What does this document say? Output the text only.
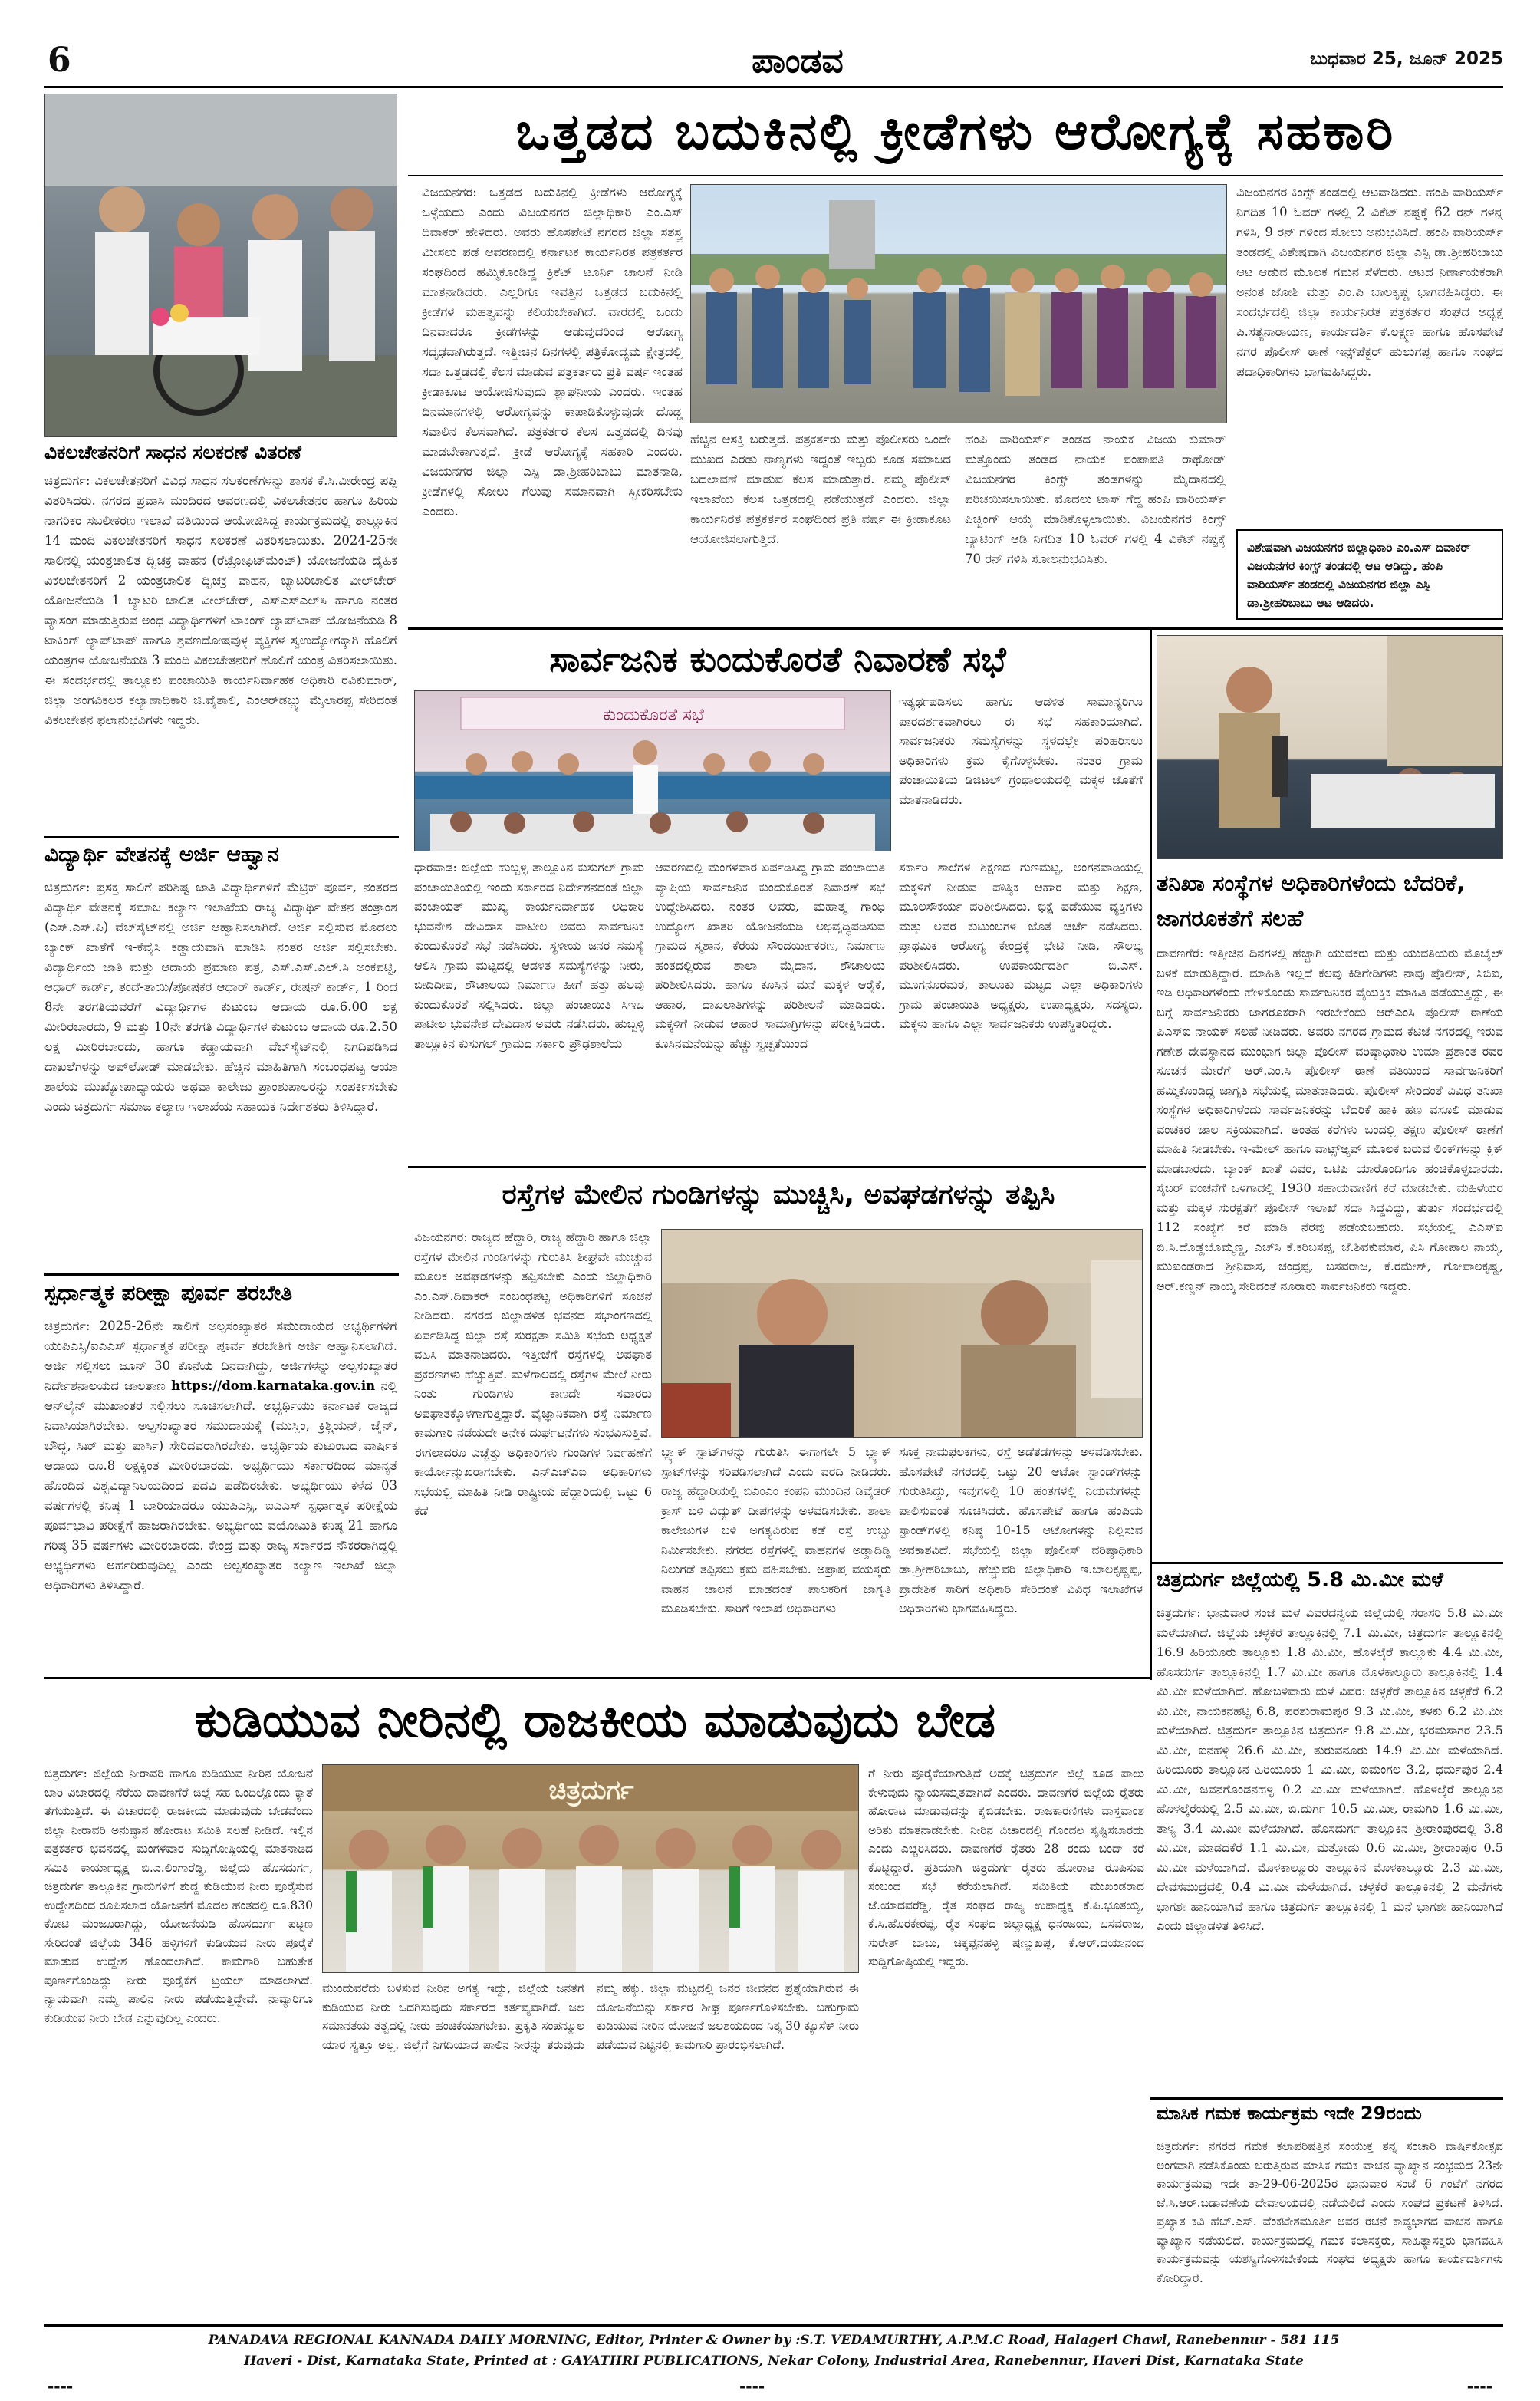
6	ಪಾಂಡವ	ಬುಧವಾರ 25, ಜೂನ್ 2025
ವಿಕಲಚೇತನರಿಗೆ ಸಾಧನ ಸಲಕರಣೆ ವಿತರಣೆ
ಚಿತ್ರದುರ್ಗ: ವಿಕಲಚೇತನರಿಗೆ ವಿವಿಧ ಸಾಧನ ಸಲಕರಣೆಗಳನ್ನು ಶಾಸಕ ಕೆ.ಸಿ.ವೀರೇಂದ್ರ ಪಪ್ಪಿ ವಿತರಿಸಿದರು. ನಗರದ ಪ್ರವಾಸಿ ಮಂದಿರದ ಆವರಣದಲ್ಲಿ ವಿಕಲಚೇತನರ ಹಾಗೂ ಹಿರಿಯ ನಾಗರಿಕರ ಸಬಲೀಕರಣ ಇಲಾಖೆ ವತಿಯಿಂದ ಆಯೋಜಿಸಿದ್ದ ಕಾರ್ಯಕ್ರಮದಲ್ಲಿ ತಾಲ್ಲೂಕಿನ 14 ಮಂದಿ ವಿಕಲಚೇತನರಿಗೆ ಸಾಧನ ಸಲಕರಣೆ ವಿತರಿಸಲಾಯಿತು. 2024-25ನೇ ಸಾಲಿನಲ್ಲಿ ಯಂತ್ರಚಾಲಿತ ದ್ವಿಚಕ್ರ ವಾಹನ (ರೆಟ್ರೋಫಿಟ್‌ಮೆಂಟ್) ಯೋಜನೆಯಡಿ ದೈಹಿಕ ವಿಕಲಚೇತನರಿಗೆ 2 ಯಂತ್ರಚಾಲಿತ ದ್ವಿಚಕ್ರ ವಾಹನ, ಬ್ಯಾಟರಿಚಾಲಿತ ವೀಲ್‌ಚೇರ್ ಯೋಜನೆಯಡಿ 1 ಬ್ಯಾಟರಿ ಚಾಲಿತ ವೀಲ್‌ಚೇರ್, ಎಸ್‌ಎಸ್‌ಎಲ್‌ಸಿ ಹಾಗೂ ನಂತರ ವ್ಯಾಸಂಗ ಮಾಡುತ್ತಿರುವ ಅಂಧ ವಿದ್ಯಾರ್ಥಿಗಳಿಗೆ ಟಾಕಿಂಗ್ ಲ್ಯಾಪ್‌ಟಾಪ್ ಯೋಜನೆಯಡಿ 8 ಟಾಕಿಂಗ್ ಲ್ಯಾಪ್‌ಟಾಪ್ ಹಾಗೂ ಶ್ರವಣದೋಷವುಳ್ಳ ವ್ಯಕ್ತಿಗಳ ಸ್ವಉದ್ಯೋಗಕ್ಕಾಗಿ ಹೊಲಿಗೆ ಯಂತ್ರಗಳ ಯೋಜನೆಯಡಿ 3 ಮಂದಿ ವಿಕಲಚೇತನರಿಗೆ ಹೊಲಿಗೆ ಯಂತ್ರ ವಿತರಿಸಲಾಯಿತು. ಈ ಸಂದರ್ಭದಲ್ಲಿ ತಾಲ್ಲೂಕು ಪಂಚಾಯಿತಿ ಕಾರ್ಯನಿರ್ವಾಹಕ ಅಧಿಕಾರಿ ರವಿಕುಮಾರ್, ಜಿಲ್ಲಾ ಅಂಗವಿಕಲರ ಕಲ್ಯಾಣಾಧಿಕಾರಿ ಜಿ.ವೈಶಾಲಿ, ಎಂಆರ್‌ಡಬ್ಲ್ಯು ಮೈಲಾರಪ್ಪ ಸೇರಿದಂತೆ ವಿಕಲಚೇತನ ಫಲಾನುಭವಿಗಳು ಇದ್ದರು.
ವಿದ್ಯಾರ್ಥಿ ವೇತನಕ್ಕೆ ಅರ್ಜಿ ಆಹ್ವಾನ
ಚಿತ್ರದುರ್ಗ: ಪ್ರಸಕ್ತ ಸಾಲಿಗೆ ಪರಿಶಿಷ್ಟ ಜಾತಿ ವಿದ್ಯಾರ್ಥಿಗಳಿಗೆ ಮೆಟ್ರಿಕ್ ಪೂರ್ವ, ನಂತರದ ವಿದ್ಯಾರ್ಥಿ ವೇತನಕ್ಕೆ ಸಮಾಜ ಕಲ್ಯಾಣ ಇಲಾಖೆಯ ರಾಜ್ಯ ವಿದ್ಯಾರ್ಥಿ ವೇತನ ತಂತ್ರಾಂಶ (ಎಸ್.ಎಸ್.ಪಿ) ವೆಬ್‌ಸೈಟ್‌ನಲ್ಲಿ ಅರ್ಜಿ ಆಹ್ವಾನಿಸಲಾಗಿದೆ. ಅರ್ಜಿ ಸಲ್ಲಿಸುವ ಮೊದಲು ಬ್ಯಾಂಕ್ ಖಾತೆಗೆ ಇ-ಕೆವೈಸಿ ಕಡ್ಡಾಯವಾಗಿ ಮಾಡಿಸಿ ನಂತರ ಅರ್ಜಿ ಸಲ್ಲಿಸಬೇಕು. ವಿದ್ಯಾರ್ಥಿಯ ಜಾತಿ ಮತ್ತು ಆದಾಯ ಪ್ರಮಾಣ ಪತ್ರ, ಎಸ್.ಎಸ್.ಎಲ್.ಸಿ ಅಂಕಪಟ್ಟಿ, ಆಧಾರ್ ಕಾರ್ಡ್, ತಂದೆ-ತಾಯಿ/ಪೋಷಕರ ಆಧಾರ್ ಕಾರ್ಡ್, ರೇಷನ್ ಕಾರ್ಡ್, 1 ರಿಂದ 8ನೇ ತರಗತಿಯವರೆಗೆ ವಿದ್ಯಾರ್ಥಿಗಳ ಕುಟುಂಬ ಆದಾಯ ರೂ.6.00 ಲಕ್ಷ ಮೀರಿರಬಾರದು, 9 ಮತ್ತು 10ನೇ ತರಗತಿ ವಿದ್ಯಾರ್ಥಿಗಳ ಕುಟುಂಬ ಆದಾಯ ರೂ.2.50 ಲಕ್ಷ ಮೀರಿರಬಾರದು, ಹಾಗೂ ಕಡ್ಡಾಯವಾಗಿ ವೆಬ್‌ಸೈಟ್‌ನಲ್ಲಿ ನಿಗದಿಪಡಿಸಿದ ದಾಖಲೆಗಳನ್ನು ಅಪ್‌ಲೋಡ್ ಮಾಡಬೇಕು. ಹೆಚ್ಚಿನ ಮಾಹಿತಿಗಾಗಿ ಸಂಬಂಧಪಟ್ಟ ಆಯಾ ಶಾಲೆಯ ಮುಖ್ಯೋಪಾಧ್ಯಾಯರು ಅಥವಾ ಕಾಲೇಜು ಪ್ರಾಂಶುಪಾಲರನ್ನು ಸಂಪರ್ಕಿಸಬೇಕು ಎಂದು ಚಿತ್ರದುರ್ಗ ಸಮಾಜ ಕಲ್ಯಾಣ ಇಲಾಖೆಯ ಸಹಾಯಕ ನಿರ್ದೇಶಕರು ತಿಳಿಸಿದ್ದಾರೆ.
ಸ್ಪರ್ಧಾತ್ಮಕ ಪರೀಕ್ಷಾ ಪೂರ್ವ ತರಬೇತಿ
ಚಿತ್ರದುರ್ಗ: 2025-26ನೇ ಸಾಲಿಗೆ ಅಲ್ಪಸಂಖ್ಯಾತರ ಸಮುದಾಯದ ಅಭ್ಯರ್ಥಿಗಳಿಗೆ ಯುಪಿಎಸ್ಸಿ/ಐಎಎಸ್ ಸ್ಪರ್ಧಾತ್ಮಕ ಪರೀಕ್ಷಾ ಪೂರ್ವ ತರಬೇತಿಗೆ ಅರ್ಜಿ ಆಹ್ವಾನಿಸಲಾಗಿದೆ. ಅರ್ಜಿ ಸಲ್ಲಿಸಲು ಜೂನ್ 30 ಕೊನೆಯ ದಿನವಾಗಿದ್ದು, ಅರ್ಜಿಗಳನ್ನು ಅಲ್ಪಸಂಖ್ಯಾತರ ನಿರ್ದೇಶನಾಲಯದ ಜಾಲತಾಣ https://dom.karnataka.gov.in ನಲ್ಲಿ ಆನ್‌ಲೈನ್ ಮುಖಾಂತರ ಸಲ್ಲಿಸಲು ಸೂಚಿಸಲಾಗಿದೆ. ಅಭ್ಯರ್ಥಿಯು ಕರ್ನಾಟಕ ರಾಜ್ಯದ ನಿವಾಸಿಯಾಗಿರಬೇಕು. ಅಲ್ಪಸಂಖ್ಯಾತರ ಸಮುದಾಯಕ್ಕೆ (ಮುಸ್ಲಿಂ, ಕ್ರಿಶ್ಚಿಯನ್, ಜೈನ್, ಬೌದ್ಧ, ಸಿಖ್ ಮತ್ತು ಪಾರ್ಸಿ) ಸೇರಿದವರಾಗಿರಬೇಕು. ಅಭ್ಯರ್ಥಿಯ ಕುಟುಂಬದ ವಾರ್ಷಿಕ ಆದಾಯ ರೂ.8 ಲಕ್ಷಕ್ಕಿಂತ ಮೀರಿರಬಾರದು. ಅಭ್ಯರ್ಥಿಯು ಸರ್ಕಾರದಿಂದ ಮಾನ್ಯತೆ ಹೊಂದಿದ ವಿಶ್ವವಿದ್ಯಾನಿಲಯದಿಂದ ಪದವಿ ಪಡೆದಿರಬೇಕು. ಅಭ್ಯರ್ಥಿಯು ಕಳೆದ 03 ವರ್ಷಗಳಲ್ಲಿ ಕನಿಷ್ಠ 1 ಬಾರಿಯಾದರೂ ಯುಪಿಎಸ್ಸಿ, ಐಎಎಸ್ ಸ್ಪರ್ಧಾತ್ಮಕ ಪರೀಕ್ಷೆಯ ಪೂರ್ವಭಾವಿ ಪರೀಕ್ಷೆಗೆ ಹಾಜರಾಗಿರಬೇಕು. ಅಭ್ಯರ್ಥಿಯ ವಯೋಮಿತಿ ಕನಿಷ್ಠ 21 ಹಾಗೂ ಗರಿಷ್ಠ 35 ವರ್ಷಗಳು ಮೀರಿರಬಾರದು. ಕೇಂದ್ರ ಮತ್ತು ರಾಜ್ಯ ಸರ್ಕಾರದ ನೌಕರರಾಗಿದ್ದಲ್ಲಿ ಅಭ್ಯರ್ಥಿಗಳು ಅರ್ಹರಿರುವುದಿಲ್ಲ ಎಂದು ಅಲ್ಪಸಂಖ್ಯಾತರ ಕಲ್ಯಾಣ ಇಲಾಖೆ ಜಿಲ್ಲಾ ಅಧಿಕಾರಿಗಳು ತಿಳಿಸಿದ್ದಾರೆ.
ಒತ್ತಡದ ಬದುಕಿನಲ್ಲಿ ಕ್ರೀಡೆಗಳು ಆರೋಗ್ಯಕ್ಕೆ ಸಹಕಾರಿ
ವಿಜಯನಗರ: ಒತ್ತಡದ ಬದುಕಿನಲ್ಲಿ ಕ್ರೀಡೆಗಳು ಆರೋಗ್ಯಕ್ಕೆ ಒಳ್ಳೆಯದು ಎಂದು ವಿಜಯನಗರ ಜಿಲ್ಲಾಧಿಕಾರಿ ಎಂ.ಎಸ್ ದಿವಾಕರ್ ಹೇಳಿದರು. ಅವರು ಹೊಸಪೇಟೆ ನಗರದ ಜಿಲ್ಲಾ ಸಶಸ್ತ್ರ ಮೀಸಲು ಪಡೆ ಆವರಣದಲ್ಲಿ ಕರ್ನಾಟಕ ಕಾರ್ಯನಿರತ ಪತ್ರಕರ್ತರ ಸಂಘದಿಂದ ಹಮ್ಮಿಕೊಂಡಿದ್ದ ಕ್ರಿಕೆಟ್ ಟೂರ್ನಿ ಚಾಲನೆ ನೀಡಿ ಮಾತನಾಡಿದರು. ಎಲ್ಲರಿಗೂ ಇವತ್ತಿನ ಒತ್ತಡದ ಬದುಕಿನಲ್ಲಿ ಕ್ರೀಡೆಗಳ ಮಹತ್ವವನ್ನು ಕಲಿಯಬೇಕಾಗಿದೆ. ವಾರದಲ್ಲಿ ಒಂದು ದಿನವಾದರೂ ಕ್ರೀಡೆಗಳನ್ನು ಆಡುವುದರಿಂದ ಆರೋಗ್ಯ ಸದೃಢವಾಗಿರುತ್ತದೆ. ಇತ್ತೀಚಿನ ದಿನಗಳಲ್ಲಿ ಪತ್ರಿಕೋದ್ಯಮ ಕ್ಷೇತ್ರದಲ್ಲಿ ಸದಾ ಒತ್ತಡದಲ್ಲಿ ಕೆಲಸ ಮಾಡುವ ಪತ್ರಕರ್ತರು ಪ್ರತಿ ವರ್ಷ ಇಂತಹ ಕ್ರೀಡಾಕೂಟ ಆಯೋಜಿಸುವುದು ಶ್ಲಾಘನೀಯ ಎಂದರು. ಇಂತಹ ದಿನಮಾನಗಳಲ್ಲಿ ಆರೋಗ್ಯವನ್ನು ಕಾಪಾಡಿಕೊಳ್ಳುವುದೇ ದೊಡ್ಡ ಸವಾಲಿನ ಕೆಲಸವಾಗಿದೆ. ಪತ್ರಕರ್ತರ ಕೆಲಸ ಒತ್ತಡದಲ್ಲಿ ದಿನವು ಮಾಡಬೇಕಾಗುತ್ತದೆ. ಕ್ರೀಡೆ ಆರೋಗ್ಯಕ್ಕೆ ಸಹಕಾರಿ ಎಂದರು. ವಿಜಯನಗರ ಜಿಲ್ಲಾ ಎಸ್ಪಿ ಡಾ.ಶ್ರೀಹರಿಬಾಬು ಮಾತನಾಡಿ, ಕ್ರೀಡೆಗಳಲ್ಲಿ ಸೋಲು ಗೆಲುವು ಸಮಾನವಾಗಿ ಸ್ವೀಕರಿಸಬೇಕು ಎಂದರು.
ಹೆಚ್ಚಿನ ಆಸಕ್ತಿ ಬರುತ್ತದೆ. ಪತ್ರಕರ್ತರು ಮತ್ತು ಪೊಲೀಸರು ಒಂದೇ ಮುಖದ ಎರಡು ನಾಣ್ಯಗಳು ಇದ್ದಂತೆ ಇಬ್ಬರು ಕೂಡ ಸಮಾಜದ ಬದಲಾವಣೆ ಮಾಡುವ ಕೆಲಸ ಮಾಡುತ್ತಾರೆ. ನಮ್ಮ ಪೊಲೀಸ್ ಇಲಾಖೆಯ ಕೆಲಸ ಒತ್ತಡದಲ್ಲಿ ನಡೆಯುತ್ತದೆ ಎಂದರು. ಜಿಲ್ಲಾ ಕಾರ್ಯನಿರತ ಪತ್ರಕರ್ತರ ಸಂಘದಿಂದ ಪ್ರತಿ ವರ್ಷ ಈ ಕ್ರೀಡಾಕೂಟ ಆಯೋಜಿಸಲಾಗುತ್ತಿದೆ.
ಹಂಪಿ ವಾರಿಯರ್ಸ್ ತಂಡದ ನಾಯಕ ವಿಜಯ ಕುಮಾರ್ ಮತ್ತೊಂದು ತಂಡದ ನಾಯಕ ಪಂಪಾಪತಿ ರಾಥೋಡ್ ವಿಜಯನಗರ ಕಿಂಗ್ಸ್ ತಂಡಗಳನ್ನು ಮೈದಾನದಲ್ಲಿ ಪರಿಚಯಿಸಲಾಯಿತು. ಮೊದಲು ಟಾಸ್ ಗೆದ್ದ ಹಂಪಿ ವಾರಿಯರ್ಸ್ ಪಿಚ್ಚಿಂಗ್ ಆಯ್ಕೆ ಮಾಡಿಕೊಳ್ಳಲಾಯಿತು. ವಿಜಯನಗರ ಕಿಂಗ್ಸ್ ಬ್ಯಾಟಿಂಗ್ ಆಡಿ ನಿಗದಿತ 10 ಓವರ್ ಗಳಲ್ಲಿ 4 ವಿಕೆಟ್ ನಷ್ಟಕ್ಕೆ 70 ರನ್ ಗಳಿಸಿ ಸೋಲನುಭವಿಸಿತು.
ವಿಜಯನಗರ ಕಿಂಗ್ಸ್ ತಂಡದಲ್ಲಿ ಆಟವಾಡಿದರು. ಹಂಪಿ ವಾರಿಯರ್ಸ್ ನಿಗದಿತ 10 ಓವರ್ ಗಳಲ್ಲಿ 2 ವಿಕೆಟ್ ನಷ್ಟಕ್ಕೆ 62 ರನ್ ಗಳನ್ನ ಗಳಿಸಿ, 9 ರನ್ ಗಳಿಂದ ಸೋಲು ಅನುಭವಿಸಿದೆ. ಹಂಪಿ ವಾರಿಯರ್ಸ್ ತಂಡದಲ್ಲಿ ವಿಶೇಷವಾಗಿ ವಿಜಯನಗರ ಜಿಲ್ಲಾ ಎಸ್ಪಿ ಡಾ.ಶ್ರೀಹರಿಬಾಬು ಆಟ ಆಡುವ ಮೂಲಕ ಗಮನ ಸೆಳೆದರು. ಆಟದ ನಿರ್ಣಾಯಕರಾಗಿ ಅನಂತ ಜೋಶಿ ಮತ್ತು ಎಂ.ಪಿ ಬಾಲಕೃಷ್ಣ ಭಾಗವಹಿಸಿದ್ದರು. ಈ ಸಂದರ್ಭದಲ್ಲಿ ಜಿಲ್ಲಾ ಕಾರ್ಯನಿರತ ಪತ್ರಕರ್ತರ ಸಂಘದ ಅಧ್ಯಕ್ಷ ಪಿ.ಸತ್ಯನಾರಾಯಣ, ಕಾರ್ಯದರ್ಶಿ ಕೆ.ಲಕ್ಷ್ಮಣ ಹಾಗೂ ಹೊಸಪೇಟೆ ನಗರ ಪೊಲೀಸ್ ಠಾಣೆ ಇನ್ಸ್‌ಪೆಕ್ಟರ್ ಹುಲುಗಪ್ಪ ಹಾಗೂ ಸಂಘದ ಪದಾಧಿಕಾರಿಗಳು ಭಾಗವಹಿಸಿದ್ದರು.
ವಿಶೇಷವಾಗಿ ವಿಜಯನಗರ ಜಿಲ್ಲಾಧಿಕಾರಿ ಎಂ.ಎಸ್ ದಿವಾಕರ್ ವಿಜಯನಗರ ಕಿಂಗ್ಸ್ ತಂಡದಲ್ಲಿ ಆಟ ಆಡಿದ್ದು, ಹಂಪಿ ವಾರಿಯರ್ಸ್ ತಂಡದಲ್ಲಿ ವಿಜಯನಗರ ಜಿಲ್ಲಾ ಎಸ್ಪಿ ಡಾ.ಶ್ರೀಹರಿಬಾಬು ಆಟ ಆಡಿದರು.
ಸಾರ್ವಜನಿಕ ಕುಂದುಕೊರತೆ ನಿವಾರಣೆ ಸಭೆ
ಕುಂದುಕೊರತೆ ಸಭೆ
ಇತ್ಯರ್ಥಪಡಿಸಲು ಹಾಗೂ ಆಡಳಿತ ಸಾಮಾನ್ಯರಿಗೂ ಪಾರದರ್ಶಕವಾಗಿರಲು ಈ ಸಭೆ ಸಹಕಾರಿಯಾಗಿದೆ. ಸಾರ್ವಜನಿಕರು ಸಮಸ್ಯೆಗಳನ್ನು ಸ್ಥಳದಲ್ಲೇ ಪರಿಹರಿಸಲು ಅಧಿಕಾರಿಗಳು ಕ್ರಮ ಕೈಗೊಳ್ಳಬೇಕು. ನಂತರ ಗ್ರಾಮ ಪಂಚಾಯಿತಿಯ ಡಿಜಿಟಲ್ ಗ್ರಂಥಾಲಯದಲ್ಲಿ ಮಕ್ಕಳ ಜೊತೆಗೆ ಮಾತನಾಡಿದರು.
ಧಾರವಾಡ: ಜಿಲ್ಲೆಯ ಹುಬ್ಬಳ್ಳಿ ತಾಲ್ಲೂಕಿನ ಕುಸುಗಲ್ ಗ್ರಾಮ ಪಂಚಾಯಿತಿಯಲ್ಲಿ ಇಂದು ಸರ್ಕಾರದ ನಿರ್ದೇಶನದಂತೆ ಜಿಲ್ಲಾ ಪಂಚಾಯತ್ ಮುಖ್ಯ ಕಾರ್ಯನಿರ್ವಾಹಕ ಅಧಿಕಾರಿ ಭುವನೇಶ ದೇವಿದಾಸ ಪಾಟೀಲ ಅವರು ಸಾರ್ವಜನಿಕ ಕುಂದುಕೊರತೆ ಸಭೆ ನಡೆಸಿದರು. ಸ್ಥಳೀಯ ಜನರ ಸಮಸ್ಯೆ ಆಲಿಸಿ ಗ್ರಾಮ ಮಟ್ಟದಲ್ಲಿ ಆಡಳಿತ ಸಮಸ್ಯೆಗಳನ್ನು ನೀರು, ಬೀದಿದೀಪ, ಶೌಚಾಲಯ ನಿರ್ಮಾಣ ಹೀಗೆ ಹತ್ತು ಹಲವು ಕುಂದುಕೊರತೆ ಸಲ್ಲಿಸಿದರು. ಜಿಲ್ಲಾ ಪಂಚಾಯಿತಿ ಸಿಇಒ ಪಾಟೀಲ ಭುವನೇಶ ದೇವಿದಾಸ ಅವರು ನಡೆಸಿದರು. ಹುಬ್ಬಳ್ಳಿ ತಾಲ್ಲೂಕಿನ ಕುಸುಗಲ್ ಗ್ರಾಮದ ಸರ್ಕಾರಿ ಪ್ರೌಢಶಾಲೆಯ
ಆವರಣದಲ್ಲಿ ಮಂಗಳವಾರ ಏರ್ಪಡಿಸಿದ್ದ ಗ್ರಾಮ ಪಂಚಾಯಿತಿ ವ್ಯಾಪ್ತಿಯ ಸಾರ್ವಜನಿಕ ಕುಂದುಕೊರತೆ ನಿವಾರಣೆ ಸಭೆ ಉದ್ದೇಶಿಸಿದರು. ನಂತರ ಅವರು, ಮಹಾತ್ಮ ಗಾಂಧಿ ಉದ್ಯೋಗ ಖಾತರಿ ಯೋಜನೆಯಡಿ ಅಭಿವೃದ್ಧಿಪಡಿಸುವ ಗ್ರಾಮದ ಸ್ಮಶಾನ, ಕೆರೆಯ ಸೌಂದರ್ಯೀಕರಣ, ನಿರ್ಮಾಣ ಹಂತದಲ್ಲಿರುವ ಶಾಲಾ ಮೈದಾನ, ಶೌಚಾಲಯ ಪರಿಶೀಲಿಸಿದರು. ಹಾಗೂ ಕೂಸಿನ ಮನೆ ಮಕ್ಕಳ ಆರೈಕೆ, ಆಹಾರ, ದಾಖಲಾತಿಗಳನ್ನು ಪರಿಶೀಲನೆ ಮಾಡಿದರು. ಮಕ್ಕಳಿಗೆ ನೀಡುವ ಆಹಾರ ಸಾಮಾಗ್ರಿಗಳನ್ನು ಪರೀಕ್ಷಿಸಿದರು. ಕೂಸಿನಮನೆಯನ್ನು ಹೆಚ್ಚು ಸ್ವಚ್ಛತೆಯಿಂದ
ಸರ್ಕಾರಿ ಶಾಲೆಗಳ ಶಿಕ್ಷಣದ ಗುಣಮಟ್ಟ, ಅಂಗನವಾಡಿಯಲ್ಲಿ ಮಕ್ಕಳಿಗೆ ನೀಡುವ ಪೌಷ್ಠಿಕ ಆಹಾರ ಮತ್ತು ಶಿಕ್ಷಣ, ಮೂಲಸೌಕರ್ಯ ಪರಿಶೀಲಿಸಿದರು. ಭಿಕ್ಷೆ ಪಡೆಯುವ ವ್ಯಕ್ತಿಗಳು ಮತ್ತು ಅವರ ಕುಟುಂಬಗಳ ಜೊತೆ ಚರ್ಚೆ ನಡೆಸಿದರು. ಪ್ರಾಥಮಿಕ ಆರೋಗ್ಯ ಕೇಂದ್ರಕ್ಕೆ ಭೇಟಿ ನೀಡಿ, ಸೌಲಭ್ಯ ಪರಿಶೀಲಿಸಿದರು. ಉಪಕಾರ್ಯದರ್ಶಿ ಬಿ.ಎಸ್. ಮೂಗನೂರಮಠ, ತಾಲೂಕು ಮಟ್ಟದ ಎಲ್ಲಾ ಅಧಿಕಾರಿಗಳು ಗ್ರಾಮ ಪಂಚಾಯಿತಿ ಅಧ್ಯಕ್ಷರು, ಉಪಾಧ್ಯಕ್ಷರು, ಸದಸ್ಯರು, ಮಕ್ಕಳು ಹಾಗೂ ಎಲ್ಲಾ ಸಾರ್ವಜನಿಕರು ಉಪಸ್ಥಿತರಿದ್ದರು.
ತನಿಖಾ ಸಂಸ್ಥೆಗಳ ಅಧಿಕಾರಿಗಳೆಂದು ಬೆದರಿಕೆ, ಜಾಗರೂಕತೆಗೆ ಸಲಹೆ
ದಾವಣಗೆರೆ: ಇತ್ತೀಚಿನ ದಿನಗಳಲ್ಲಿ ಹೆಚ್ಚಾಗಿ ಯುವಕರು ಮತ್ತು ಯುವತಿಯರು ಮೊಬೈಲ್ ಬಳಕೆ ಮಾಡುತ್ತಿದ್ದಾರೆ. ಮಾಹಿತಿ ಇಲ್ಲದೆ ಕೆಲವು ಕಿಡಿಗೇಡಿಗಳು ನಾವು ಪೊಲೀಸ್, ಸಿಬಿಐ, ಇಡಿ ಅಧಿಕಾರಿಗಳೆಂದು ಹೇಳಿಕೊಂಡು ಸಾರ್ವಜನಿಕರ ವೈಯಕ್ತಿಕ ಮಾಹಿತಿ ಪಡೆಯುತ್ತಿದ್ದು, ಈ ಬಗ್ಗೆ ಸಾರ್ವಜನಿಕರು ಜಾಗರೂಕರಾಗಿ ಇರಬೇಕೆಂದು ಆರ್‌ಎಂಸಿ ಪೊಲೀಸ್ ಠಾಣೆಯ ಪಿಎಸ್‌ಐ ನಾಯಕ್ ಸಲಹೆ ನೀಡಿದರು. ಅವರು ನಗರದ ಗ್ರಾಮದ ಕೆಟಿಜೆ ನಗರದಲ್ಲಿ ಇರುವ ಗಣೇಶ ದೇವಸ್ಥಾನದ ಮುಂಭಾಗ ಜಿಲ್ಲಾ ಪೊಲೀಸ್ ವರಿಷ್ಠಾಧಿಕಾರಿ ಉಮಾ ಪ್ರಶಾಂತ ರವರ ಸೂಚನೆ ಮೇರೆಗೆ ಆರ್.ಎಂ.ಸಿ ಪೊಲೀಸ್ ಠಾಣೆ ವತಿಯಿಂದ ಸಾರ್ವಜನಿಕರಿಗೆ ಹಮ್ಮಿಕೊಂಡಿದ್ದ ಜಾಗೃತಿ ಸಭೆಯಲ್ಲಿ ಮಾತನಾಡಿದರು. ಪೊಲೀಸ್ ಸೇರಿದಂತೆ ವಿವಿಧ ತನಿಖಾ ಸಂಸ್ಥೆಗಳ ಅಧಿಕಾರಿಗಳೆಂದು ಸಾರ್ವಜನಿಕರನ್ನು ಬೆದರಿಕೆ ಹಾಕಿ ಹಣ ವಸೂಲಿ ಮಾಡುವ ವಂಚಕರ ಜಾಲ ಸಕ್ರಿಯವಾಗಿದೆ. ಅಂತಹ ಕರೆಗಳು ಬಂದಲ್ಲಿ ತಕ್ಷಣ ಪೊಲೀಸ್ ಠಾಣೆಗೆ ಮಾಹಿತಿ ನೀಡಬೇಕು. ಇ-ಮೇಲ್ ಹಾಗೂ ವಾಟ್ಸ್‌ಆ್ಯಪ್ ಮೂಲಕ ಬರುವ ಲಿಂಕ್‌ಗಳನ್ನು ಕ್ಲಿಕ್ ಮಾಡಬಾರದು. ಬ್ಯಾಂಕ್ ಖಾತೆ ವಿವರ, ಒಟಿಪಿ ಯಾರೊಂದಿಗೂ ಹಂಚಿಕೊಳ್ಳಬಾರದು. ಸೈಬರ್ ವಂಚನೆಗೆ ಒಳಗಾದಲ್ಲಿ 1930 ಸಹಾಯವಾಣಿಗೆ ಕರೆ ಮಾಡಬೇಕು. ಮಹಿಳೆಯರ ಮತ್ತು ಮಕ್ಕಳ ಸುರಕ್ಷತೆಗೆ ಪೊಲೀಸ್ ಇಲಾಖೆ ಸದಾ ಸಿದ್ಧವಿದ್ದು, ತುರ್ತು ಸಂದರ್ಭದಲ್ಲಿ 112 ಸಂಖ್ಯೆಗೆ ಕರೆ ಮಾಡಿ ನೆರವು ಪಡೆಯಬಹುದು. ಸಭೆಯಲ್ಲಿ ಎಎಸ್‌ಐ ಬಿ.ಸಿ.ದೊಡ್ಡಬೊಮ್ಮಣ್ಣ, ಎಚ್‌ಸಿ ಕೆ.ಕರಿಬಸಪ್ಪ, ಜೆ.ಶಿವಕುಮಾರ, ಪಿಸಿ ಗೋಪಾಲ ನಾಯ್ಕ, ಮುಖಂಡರಾದ ಶ್ರೀನಿವಾಸ, ಚಂದ್ರಪ್ಪ, ಬಸವರಾಜ, ಕೆ.ರಮೇಶ್, ಗೋಪಾಲಕೃಷ್ಣ, ಅರ್.ಕಣ್ಣನ್ ನಾಯ್ಕ ಸೇರಿದಂತೆ ನೂರಾರು ಸಾರ್ವಜನಿಕರು ಇದ್ದರು.
ಚಿತ್ರದುರ್ಗ ಜಿಲ್ಲೆಯಲ್ಲಿ 5.8 ಮಿ.ಮೀ ಮಳೆ
ಚಿತ್ರದುರ್ಗ: ಭಾನುವಾರ ಸಂಜೆ ಮಳೆ ವಿವರದನ್ವಯ ಜಿಲ್ಲೆಯಲ್ಲಿ ಸರಾಸರಿ 5.8 ಮಿ.ಮೀ ಮಳೆಯಾಗಿದೆ. ಜಿಲ್ಲೆಯ ಚಳ್ಳಕೆರೆ ತಾಲ್ಲೂಕಿನಲ್ಲಿ 7.1 ಮಿ.ಮೀ, ಚಿತ್ರದುರ್ಗ ತಾಲ್ಲೂಕಿನಲ್ಲಿ 16.9 ಹಿರಿಯೂರು ತಾಲ್ಲೂಕು 1.8 ಮಿ.ಮೀ, ಹೊಳಲ್ಕೆರೆ ತಾಲ್ಲೂಕು 4.4 ಮಿ.ಮೀ, ಹೊಸದುರ್ಗ ತಾಲ್ಲೂಕಿನಲ್ಲಿ 1.7 ಮಿ.ಮೀ ಹಾಗೂ ಮೊಳಕಾಲ್ಮೂರು ತಾಲ್ಲೂಕಿನಲ್ಲಿ 1.4 ಮಿ.ಮೀ ಮಳೆಯಾಗಿದೆ. ಹೋಬಳಿವಾರು ಮಳೆ ವಿವರ: ಚಳ್ಳಕೆರೆ ತಾಲ್ಲೂಕಿನ ಚಳ್ಳಕೆರೆ 6.2 ಮಿ.ಮೀ, ನಾಯಕನಹಟ್ಟಿ 6.8, ಪರಶುರಾಮಪುರ 9.3 ಮಿ.ಮೀ, ತಳಕು 6.2 ಮಿ.ಮೀ ಮಳೆಯಾಗಿದೆ. ಚಿತ್ರದುರ್ಗ ತಾಲ್ಲೂಕಿನ ಚಿತ್ರದುರ್ಗ 9.8 ಮಿ.ಮೀ, ಭರಮಸಾಗರ 23.5 ಮಿ.ಮೀ, ಐನಹಳ್ಳಿ 26.6 ಮಿ.ಮೀ, ತುರುವನೂರು 14.9 ಮಿ.ಮೀ ಮಳೆಯಾಗಿದೆ. ಹಿರಿಯೂರು ತಾಲ್ಲೂಕಿನ ಹಿರಿಯೂರು 1 ಮಿ.ಮೀ, ಐಮಂಗಲ 3.2, ಧರ್ಮಪುರ 2.4 ಮಿ.ಮೀ, ಜವನಗೊಂಡನಹಳ್ಳಿ 0.2 ಮಿ.ಮೀ ಮಳೆಯಾಗಿದೆ. ಹೊಳಲ್ಕೆರೆ ತಾಲ್ಲೂಕಿನ ಹೊಳಲ್ಕೆರೆಯಲ್ಲಿ 2.5 ಮಿ.ಮೀ, ಬಿ.ದುರ್ಗ 10.5 ಮಿ.ಮೀ, ರಾಮಗಿರಿ 1.6 ಮಿ.ಮೀ, ತಾಳ್ಯ 3.4 ಮಿ.ಮೀ ಮಳೆಯಾಗಿದೆ. ಹೊಸದುರ್ಗ ತಾಲ್ಲೂಕಿನ ಶ್ರೀರಾಂಪುರದಲ್ಲಿ 3.8 ಮಿ.ಮೀ, ಮಾಡದಕೆರೆ 1.1 ಮಿ.ಮೀ, ಮತ್ತೋಡು 0.6 ಮಿ.ಮೀ, ಶ್ರೀರಾಂಪುರ 0.5 ಮಿ.ಮೀ ಮಳೆಯಾಗಿದೆ. ಮೊಳಕಾಲ್ಮೂರು ತಾಲ್ಲೂಕಿನ ಮೊಳಕಾಲ್ಮೂರು 2.3 ಮಿ.ಮೀ, ದೇವಸಮುದ್ರದಲ್ಲಿ 0.4 ಮಿ.ಮೀ ಮಳೆಯಾಗಿದೆ. ಚಳ್ಳಕೆರೆ ತಾಲ್ಲೂಕಿನಲ್ಲಿ 2 ಮನೆಗಳು ಭಾಗಶಃ ಹಾನಿಯಾಗಿವೆ ಹಾಗೂ ಚಿತ್ರದುರ್ಗ ತಾಲ್ಲೂಕಿನಲ್ಲಿ 1 ಮನೆ ಭಾಗಶಃ ಹಾನಿಯಾಗಿದೆ ಎಂದು ಜಿಲ್ಲಾಡಳಿತ ತಿಳಿಸಿದೆ.
ಮಾಸಿಕ ಗಮಕ ಕಾರ್ಯಕ್ರಮ ಇದೇ 29ರಂದು
ಚಿತ್ರದುರ್ಗ: ನಗರದ ಗಮಕ ಕಲಾಪರಿಷತ್ತಿನ ಸಂಯುಕ್ತ ತನ್ನ ಸಂಚಾರಿ ವಾರ್ಷಿಕೋತ್ಸವ ಅಂಗವಾಗಿ ನಡೆಸಿಕೊಂಡು ಬರುತ್ತಿರುವ ಮಾಸಿಕ ಗಮಕ ವಾಚನ ವ್ಯಾಖ್ಯಾನ ಸಂಭ್ರಮದ 23ನೇ ಕಾರ್ಯಕ್ರಮವು ಇದೇ ತಾ-29-06-2025ರ ಭಾನುವಾರ ಸಂಜೆ 6 ಗಂಟೆಗೆ ನಗರದ ಜೆ.ಸಿ.ಆರ್.ಬಡಾವಣೆಯ ದೇವಾಲಯದಲ್ಲಿ ನಡೆಯಲಿದೆ ಎಂದು ಸಂಘದ ಪ್ರಕಟಣೆ ತಿಳಿಸಿದೆ. ಪ್ರಖ್ಯಾತ ಕವಿ ಹೆಚ್.ಎಸ್. ವೆಂಕಟೇಶಮೂರ್ತಿ ಅವರ ರಚನೆ ಕಾವ್ಯಭಾಗದ ವಾಚನ ಹಾಗೂ ವ್ಯಾಖ್ಯಾನ ನಡೆಯಲಿದೆ. ಕಾರ್ಯಕ್ರಮದಲ್ಲಿ ಗಮಕ ಕಲಾಸಕ್ತರು, ಸಾಹಿತ್ಯಾಸಕ್ತರು ಭಾಗವಹಿಸಿ ಕಾರ್ಯಕ್ರಮವನ್ನು ಯಶಸ್ವಿಗೊಳಿಸಬೇಕೆಂದು ಸಂಘದ ಅಧ್ಯಕ್ಷರು ಹಾಗೂ ಕಾರ್ಯದರ್ಶಿಗಳು ಕೋರಿದ್ದಾರೆ.
ರಸ್ತೆಗಳ ಮೇಲಿನ ಗುಂಡಿಗಳನ್ನು ಮುಚ್ಚಿಸಿ, ಅವಘಡಗಳನ್ನು ತಪ್ಪಿಸಿ
ವಿಜಯನಗರ: ರಾಜ್ಯದ ಹೆದ್ದಾರಿ, ರಾಜ್ಯ ಹೆದ್ದಾರಿ ಹಾಗೂ ಜಿಲ್ಲಾ ರಸ್ತೆಗಳ ಮೇಲಿನ ಗುಂಡಿಗಳನ್ನು ಗುರುತಿಸಿ ಶೀಘ್ರವೇ ಮುಚ್ಚುವ ಮೂಲಕ ಅವಘಡಗಳನ್ನು ತಪ್ಪಿಸಬೇಕು ಎಂದು ಜಿಲ್ಲಾಧಿಕಾರಿ ಎಂ.ಎಸ್.ದಿವಾಕರ್ ಸಂಬಂಧಪಟ್ಟ ಅಧಿಕಾರಿಗಳಿಗೆ ಸೂಚನೆ ನೀಡಿದರು. ನಗರದ ಜಿಲ್ಲಾಡಳಿತ ಭವನದ ಸಭಾಂಗಣದಲ್ಲಿ ಏರ್ಪಡಿಸಿದ್ದ ಜಿಲ್ಲಾ ರಸ್ತೆ ಸುರಕ್ಷತಾ ಸಮಿತಿ ಸಭೆಯ ಅಧ್ಯಕ್ಷತೆ ವಹಿಸಿ ಮಾತನಾಡಿದರು. ಇತ್ತೀಚೆಗೆ ರಸ್ತೆಗಳಲ್ಲಿ ಅಪಘಾತ ಪ್ರಕರಣಗಳು ಹೆಚ್ಚುತ್ತಿವೆ. ಮಳೆಗಾಲದಲ್ಲಿ ರಸ್ತೆಗಳ ಮೇಲೆ ನೀರು ನಿಂತು ಗುಂಡಿಗಳು ಕಾಣದೇ ಸವಾರರು ಅಪಘಾತಕ್ಕೊಳಗಾಗುತ್ತಿದ್ದಾರೆ. ವೈಜ್ಞಾನಿಕವಾಗಿ ರಸ್ತೆ ನಿರ್ಮಾಣ ಕಾಮಗಾರಿ ನಡೆಯದೇ ಅನೇಕ ದುರ್ಘಟನೆಗಳು ಸಂಭವಿಸುತ್ತಿವೆ. ಈಗಲಾದರೂ ಎಚ್ಚೆತ್ತು ಅಧಿಕಾರಿಗಳು ಗುಂಡಿಗಳ ನಿರ್ವಹಣೆಗೆ ಕಾರ್ಯೋನ್ಮುಖರಾಗಬೇಕು. ಎನ್‌ಎಚ್‌ಎಐ ಅಧಿಕಾರಿಗಳು ಸಭೆಯಲ್ಲಿ ಮಾಹಿತಿ ನೀಡಿ ರಾಷ್ಟ್ರೀಯ ಹೆದ್ದಾರಿಯಲ್ಲಿ ಒಟ್ಟು 6 ಕಡೆ
ಬ್ಲ್ಯಾಕ್ ಸ್ಪಾಟ್‌ಗಳನ್ನು ಗುರುತಿಸಿ ಈಗಾಗಲೇ 5 ಬ್ಲ್ಯಾಕ್ ಸ್ಪಾಟ್‌ಗಳನ್ನು ಸರಿಪಡಿಸಲಾಗಿದೆ ಎಂದು ವರದಿ ನೀಡಿದರು. ರಾಜ್ಯ ಹೆದ್ದಾರಿಯಲ್ಲಿ ಬಿಎಂಎಂ ಕಂಪನಿ ಮುಂದಿನ ಡಿವೈಡರ್ ಕ್ರಾಸ್ ಬಳಿ ವಿದ್ಯುತ್ ದೀಪಗಳನ್ನು ಅಳವಡಿಸಬೇಕು. ಶಾಲಾ ಕಾಲೇಜುಗಳ ಬಳಿ ಅಗತ್ಯವಿರುವ ಕಡೆ ರಸ್ತೆ ಉಬ್ಬು ನಿರ್ಮಿಸಬೇಕು. ನಗರದ ರಸ್ತೆಗಳಲ್ಲಿ ವಾಹನಗಳ ಅಡ್ಡಾದಿಡ್ಡಿ ನಿಲುಗಡೆ ತಪ್ಪಿಸಲು ಕ್ರಮ ವಹಿಸಬೇಕು. ಅಪ್ರಾಪ್ತ ವಯಸ್ಕರು ವಾಹನ ಚಾಲನೆ ಮಾಡದಂತೆ ಪಾಲಕರಿಗೆ ಜಾಗೃತಿ ಮೂಡಿಸಬೇಕು. ಸಾರಿಗೆ ಇಲಾಖೆ ಅಧಿಕಾರಿಗಳು
ಸೂಕ್ತ ನಾಮಫಲಕಗಳು, ರಸ್ತೆ ಅಡೆತಡೆಗಳನ್ನು ಅಳವಡಿಸಬೇಕು. ಹೊಸಪೇಟೆ ನಗರದಲ್ಲಿ ಒಟ್ಟು 20 ಆಟೋ ಸ್ಟಾಂಡ್‌ಗಳನ್ನು ಗುರುತಿಸಿದ್ದು, ಇವುಗಳಲ್ಲಿ 10 ಹಂತಗಳಲ್ಲಿ ನಿಯಮಗಳನ್ನು ಪಾಲಿಸುವಂತೆ ಸೂಚಿಸಿದರು. ಹೊಸಪೇಟೆ ಹಾಗೂ ಹಂಪಿಯ ಸ್ಟಾಂಡ್‌ಗಳಲ್ಲಿ ಕನಿಷ್ಠ 10-15 ಆಟೋಗಳನ್ನು ನಿಲ್ಲಿಸುವ ಅವಕಾಶವಿದೆ. ಸಭೆಯಲ್ಲಿ ಜಿಲ್ಲಾ ಪೊಲೀಸ್ ವರಿಷ್ಠಾಧಿಕಾರಿ ಡಾ.ಶ್ರೀಹರಿಬಾಬು, ಹೆಚ್ಚುವರಿ ಜಿಲ್ಲಾಧಿಕಾರಿ ಇ.ಬಾಲಕೃಷ್ಣಪ್ಪ, ಪ್ರಾದೇಶಿಕ ಸಾರಿಗೆ ಅಧಿಕಾರಿ ಸೇರಿದಂತೆ ವಿವಿಧ ಇಲಾಖೆಗಳ ಅಧಿಕಾರಿಗಳು ಭಾಗವಹಿಸಿದ್ದರು.
ಕುಡಿಯುವ ನೀರಿನಲ್ಲಿ ರಾಜಕೀಯ ಮಾಡುವುದು ಬೇಡ
ಚಿತ್ರದುರ್ಗ: ಜಿಲ್ಲೆಯ ನೀರಾವರಿ ಹಾಗೂ ಕುಡಿಯುವ ನೀರಿನ ಯೋಜನೆ ಜಾರಿ ವಿಚಾರದಲ್ಲಿ ನೆರೆಯ ದಾವಣಗೆರೆ ಜಿಲ್ಲೆ ಸಹ ಒಂದಿಲ್ಲೊಂದು ಕ್ಯಾತೆ ತೆಗೆಯುತ್ತಿದೆ. ಈ ವಿಚಾರದಲ್ಲಿ ರಾಜಕೀಯ ಮಾಡುವುದು ಬೇಡವೆಂದು ಜಿಲ್ಲಾ ನೀರಾವರಿ ಅನುಷ್ಠಾನ ಹೋರಾಟ ಸಮಿತಿ ಸಲಹೆ ನೀಡಿದೆ. ಇಲ್ಲಿನ ಪತ್ರಕರ್ತರ ಭವನದಲ್ಲಿ ಮಂಗಳವಾರ ಸುದ್ದಿಗೋಷ್ಠಿಯಲ್ಲಿ ಮಾತನಾಡಿದ ಸಮಿತಿ ಕಾರ್ಯಾಧ್ಯಕ್ಷ ಬಿ.ಎ.ಲಿಂಗಾರೆಡ್ಡಿ, ಜಿಲ್ಲೆಯ ಹೊಸದುರ್ಗ, ಚಿತ್ರದುರ್ಗ ತಾಲ್ಲೂಕಿನ ಗ್ರಾಮಗಳಿಗೆ ಶುದ್ಧ ಕುಡಿಯುವ ನೀರು ಪೂರೈಸುವ ಉದ್ದೇಶದಿಂದ ರೂಪಿಸಲಾದ ಯೋಜನೆಗೆ ಮೊದಲ ಹಂತದಲ್ಲಿ ರೂ.830 ಕೋಟಿ ಮಂಜೂರಾಗಿದ್ದು, ಯೋಜನೆಯಡಿ ಹೊಸದುರ್ಗ ಪಟ್ಟಣ ಸೇರಿದಂತೆ ಜಿಲ್ಲೆಯ 346 ಹಳ್ಳಿಗಳಿಗೆ ಕುಡಿಯುವ ನೀರು ಪೂರೈಕೆ ಮಾಡುವ ಉದ್ದೇಶ ಹೊಂದಲಾಗಿದೆ. ಕಾಮಗಾರಿ ಬಹುತೇಕ ಪೂರ್ಣಗೊಂಡಿದ್ದು ನೀರು ಪೂರೈಕೆಗೆ ಟ್ರಯಲ್ ಮಾಡಲಾಗಿದೆ. ನ್ಯಾಯವಾಗಿ ನಮ್ಮ ಪಾಲಿನ ನೀರು ಪಡೆಯುತ್ತಿದ್ದೇವೆ. ನಾವ್ಯಾರಿಗೂ ಕುಡಿಯುವ ನೀರು ಬೇಡ ಎನ್ನುವುದಿಲ್ಲ ಎಂದರು.
ಚಿತ್ರದುರ್ಗ
ಮುಂದುವರೆದು ಬಳಸುವ ನೀರಿನ ಅಗತ್ಯ ಇದ್ದು, ಜಿಲ್ಲೆಯ ಜನತೆಗೆ ಕುಡಿಯುವ ನೀರು ಒದಗಿಸುವುದು ಸರ್ಕಾರದ ಕರ್ತವ್ಯವಾಗಿದೆ. ಜಲ ಸಮಾನತೆಯ ತತ್ವದಲ್ಲಿ ನೀರು ಹಂಚಿಕೆಯಾಗಬೇಕು. ಪ್ರಕೃತಿ ಸಂಪನ್ಮೂಲ ಯಾರ ಸ್ವತ್ತೂ ಅಲ್ಲ. ಜಿಲ್ಲೆಗೆ ನಿಗದಿಯಾದ ಪಾಲಿನ ನೀರನ್ನು ತರುವುದು ನಮ್ಮ ಹಕ್ಕು. ಜಿಲ್ಲಾ ಮಟ್ಟದಲ್ಲಿ ಜನರ ಜೀವನದ ಪ್ರಶ್ನೆಯಾಗಿರುವ ಈ ಯೋಜನೆಯನ್ನು ಸರ್ಕಾರ ಶೀಘ್ರ ಪೂರ್ಣಗೊಳಿಸಬೇಕು. ಬಹುಗ್ರಾಮ ಕುಡಿಯುವ ನೀರಿನ ಯೋಜನೆ ಜಲಶಯದಿಂದ ನಿತ್ಯ 30 ಕ್ಯೂಸೆಕ್ ನೀರು ಪಡೆಯುವ ನಿಟ್ಟಿನಲ್ಲಿ ಕಾಮಗಾರಿ ಪ್ರಾರಂಭಿಸಲಾಗಿದೆ.
ಗೆ ನೀರು ಪೂರೈಕೆಯಾಗುತ್ತಿದೆ ಅದಕ್ಕೆ ಚಿತ್ರದುರ್ಗ ಜಿಲ್ಲೆ ಕೂಡ ಪಾಲು ಕೇಳುವುದು ನ್ಯಾಯಸಮ್ಮತವಾಗಿದೆ ಎಂದರು. ದಾವಣಗೆರೆ ಜಿಲ್ಲೆಯ ರೈತರು ಹೋರಾಟ ಮಾಡುವುದನ್ನು ಕೈಬಿಡಬೇಕು. ರಾಜಕಾರಣಿಗಳು ವಾಸ್ತವಾಂಶ ಅರಿತು ಮಾತನಾಡಬೇಕು. ನೀರಿನ ವಿಚಾರದಲ್ಲಿ ಗೊಂದಲ ಸೃಷ್ಟಿಸಬಾರದು ಎಂದು ಎಚ್ಚರಿಸಿದರು. ದಾವಣಗೆರೆ ರೈತರು 28 ರಂದು ಬಂದ್ ಕರೆ ಕೊಟ್ಟಿದ್ದಾರೆ. ಪ್ರತಿಯಾಗಿ ಚಿತ್ರದುರ್ಗ ರೈತರು ಹೋರಾಟ ರೂಪಿಸುವ ಸಂಬಂಧ ಸಭೆ ಕರೆಯಲಾಗಿದೆ. ಸಮಿತಿಯ ಮುಖಂಡರಾದ ಜೆ.ಯಾದವರೆಡ್ಡಿ, ರೈತ ಸಂಘದ ರಾಜ್ಯ ಉಪಾಧ್ಯಕ್ಷ ಕೆ.ಪಿ.ಭೂತಯ್ಯ, ಕೆ.ಸಿ.ಹೊರಕೇರಪ್ಪ, ರೈತ ಸಂಘದ ಜಿಲ್ಲಾಧ್ಯಕ್ಷ ಧನಂಜಯ, ಬಸವರಾಜ, ಸುರೇಶ್ ಬಾಬು, ಚಿಕ್ಕಪ್ಪನಹಳ್ಳಿ ಷಣ್ಮುಖಪ್ಪ, ಕೆ.ಆರ್.ದಯಾನಂದ ಸುದ್ದಿಗೋಷ್ಠಿಯಲ್ಲಿ ಇದ್ದರು.
PANADAVA REGIONAL KANNADA DAILY MORNING, Editor, Printer & Owner by :S.T. VEDAMURTHY, A.P.M.C Road, Halageri Chawl, Ranebennur - 581 115
Haveri - Dist, Karnataka State, Printed at : GAYATHRI PUBLICATIONS, Nekar Colony, Industrial Area, Ranebennur, Haveri Dist, Karnataka State
----	----	----
